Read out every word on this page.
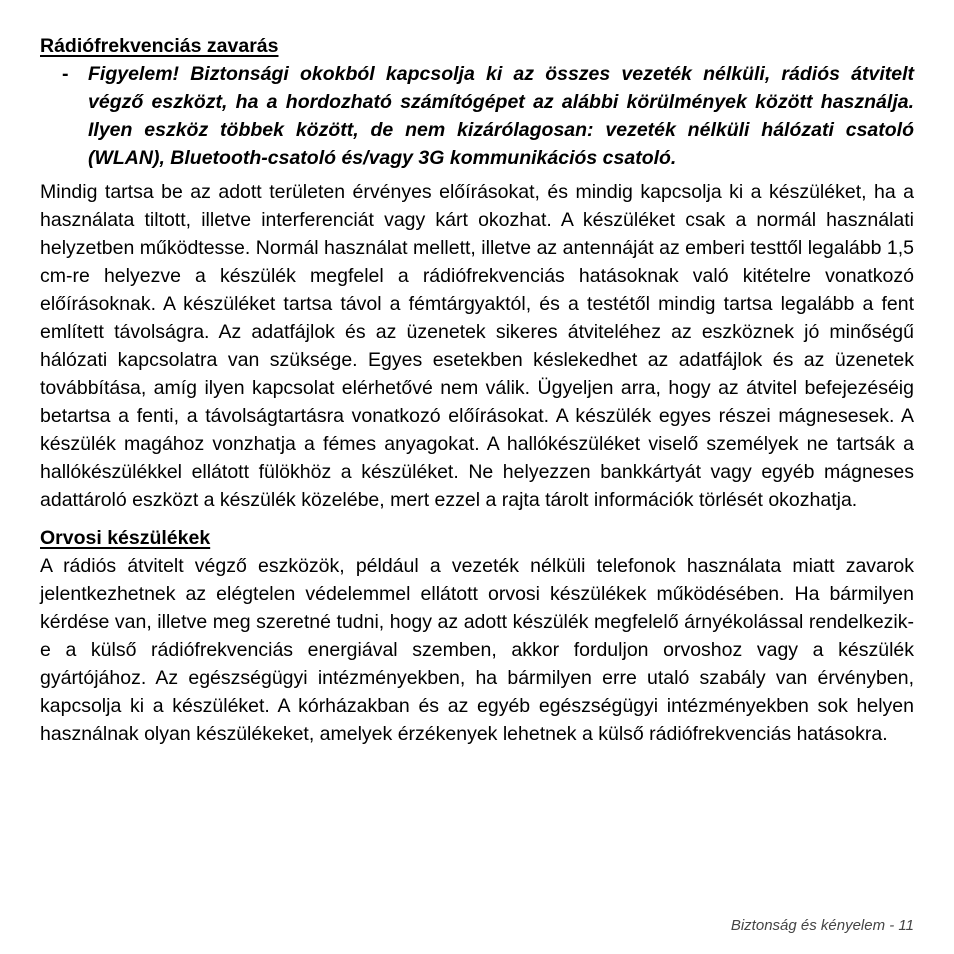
Rádiófrekvenciás zavarás
-	Figyelem! Biztonsági okokból kapcsolja ki az összes vezeték nélküli, rádiós átvitelt végző eszközt, ha a hordozható számítógépet az alábbi körülmények között használja. Ilyen eszköz többek között, de nem kizárólagosan: vezeték nélküli hálózati csatoló (WLAN), Bluetooth-csatoló és/vagy 3G kommunikációs csatoló.

Mindig tartsa be az adott területen érvényes előírásokat, és mindig kapcsolja ki a készüléket, ha a használata tiltott, illetve interferenciát vagy kárt okozhat. A készüléket csak a normál használati helyzetben működtesse. Normál használat mellett, illetve az antennáját az emberi testtől legalább 1,5 cm-re helyezve a készülék megfelel a rádiófrekvenciás hatásoknak való kitételre vonatkozó előírásoknak. A készüléket tartsa távol a fémtárgyaktól, és a testétől mindig tartsa legalább a fent említett távolságra. Az adatfájlok és az üzenetek sikeres átviteléhez az eszköznek jó minőségű hálózati kapcsolatra van szüksége. Egyes esetekben késlekedhet az adatfájlok és az üzenetek továbbítása, amíg ilyen kapcsolat elérhetővé nem válik. Ügyeljen arra, hogy az átvitel befejezéséig betartsa a fenti, a távolságtartásra vonatkozó előírásokat. A készülék egyes részei mágnesesek. A készülék magához vonzhatja a fémes anyagokat. A hallókészüléket viselő személyek ne tartsák a hallókészülékkel ellátott fülökhöz a készüléket. Ne helyezzen bankkártyát vagy egyéb mágneses adattároló eszközt a készülék közelébe, mert ezzel a rajta tárolt információk törlését okozhatja.

Orvosi készülékek

A rádiós átvitelt végző eszközök, például a vezeték nélküli telefonok használata miatt zavarok jelentkezhetnek az elégtelen védelemmel ellátott orvosi készülékek működésében. Ha bármilyen kérdése van, illetve meg szeretné tudni, hogy az adott készülék megfelelő árnyékolással rendelkezik-e a külső rádiófrekvenciás energiával szemben, akkor forduljon orvoshoz vagy a készülék gyártójához. Az egészségügyi intézményekben, ha bármilyen erre utaló szabály van érvényben, kapcsolja ki a készüléket. A kórházakban és az egyéb egészségügyi intézményekben sok helyen használnak olyan készülékeket, amelyek érzékenyek lehetnek a külső rádiófrekvenciás hatásokra.

Biztonság és kényelem - 11
